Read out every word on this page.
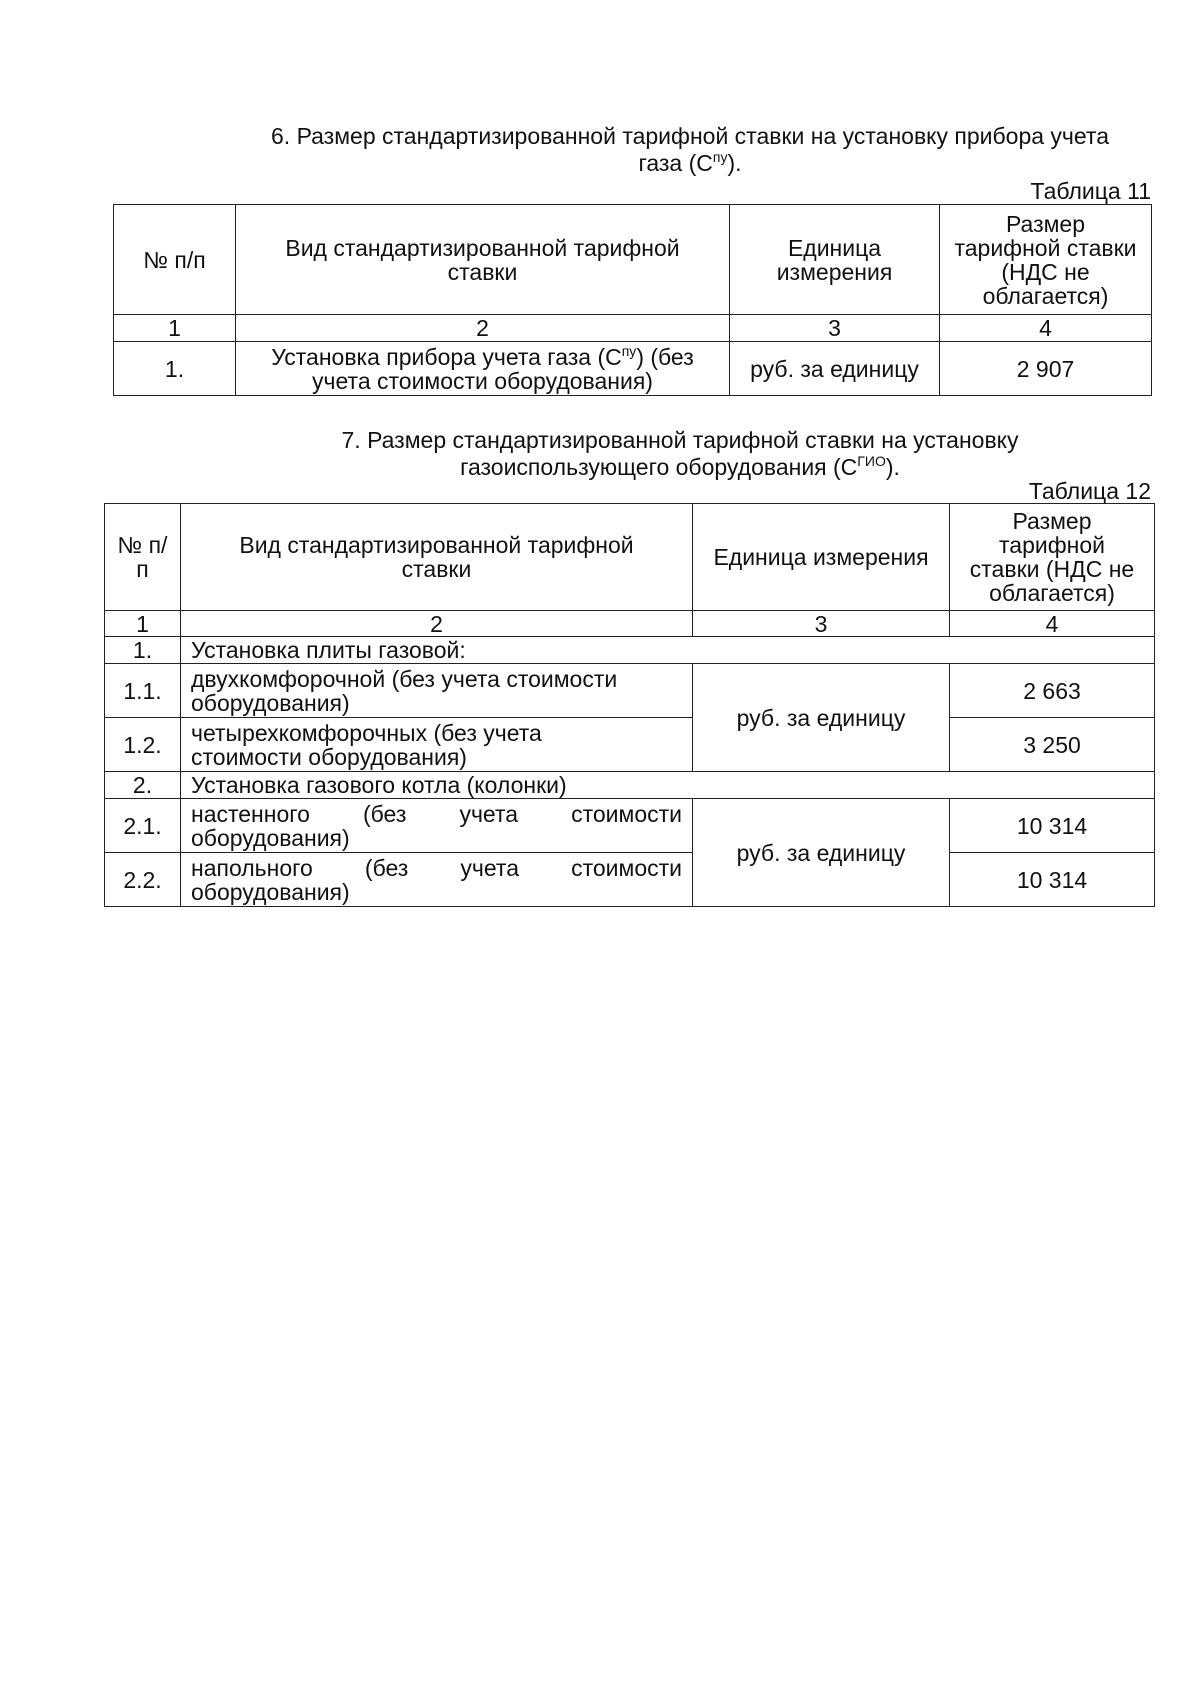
6. Размер стандартизированной тарифной ставки на установку прибора учета
газа $(С^{пу})$.
Таблица 11
№ п/п	Вид стандартизированной тарифной ставки	Единица измерения	Размер тарифной ставки (НДС не облагается)
1	2	3	4
1.	Установка прибора учета газа $(С^{пу})$ (без учета стоимости оборудования)	руб. за единицу	2 907
7. Размер стандартизированной тарифной ставки на установку
газоиспользующего оборудования $(С^{ГИО})$.
Таблица 12
№ п/п	Вид стандартизированной тарифной ставки	Единица измерения	Размер тарифной ставки (НДС не облагается)
1	2	3	4
1.	Установка плиты газовой:		
1.1.	двухкомфорочной (без учета стоимости оборудования)	руб. за единицу	2 663
1.2.	четырехкомфорочных (без учета стоимости оборудования)		3 250
2.	Установка газового котла (колонки)		
2.1.	настенного (без учета стоимости оборудования)	руб. за единицу	10 314
2.2.	напольного (без учета стоимости оборудования)		10 314
